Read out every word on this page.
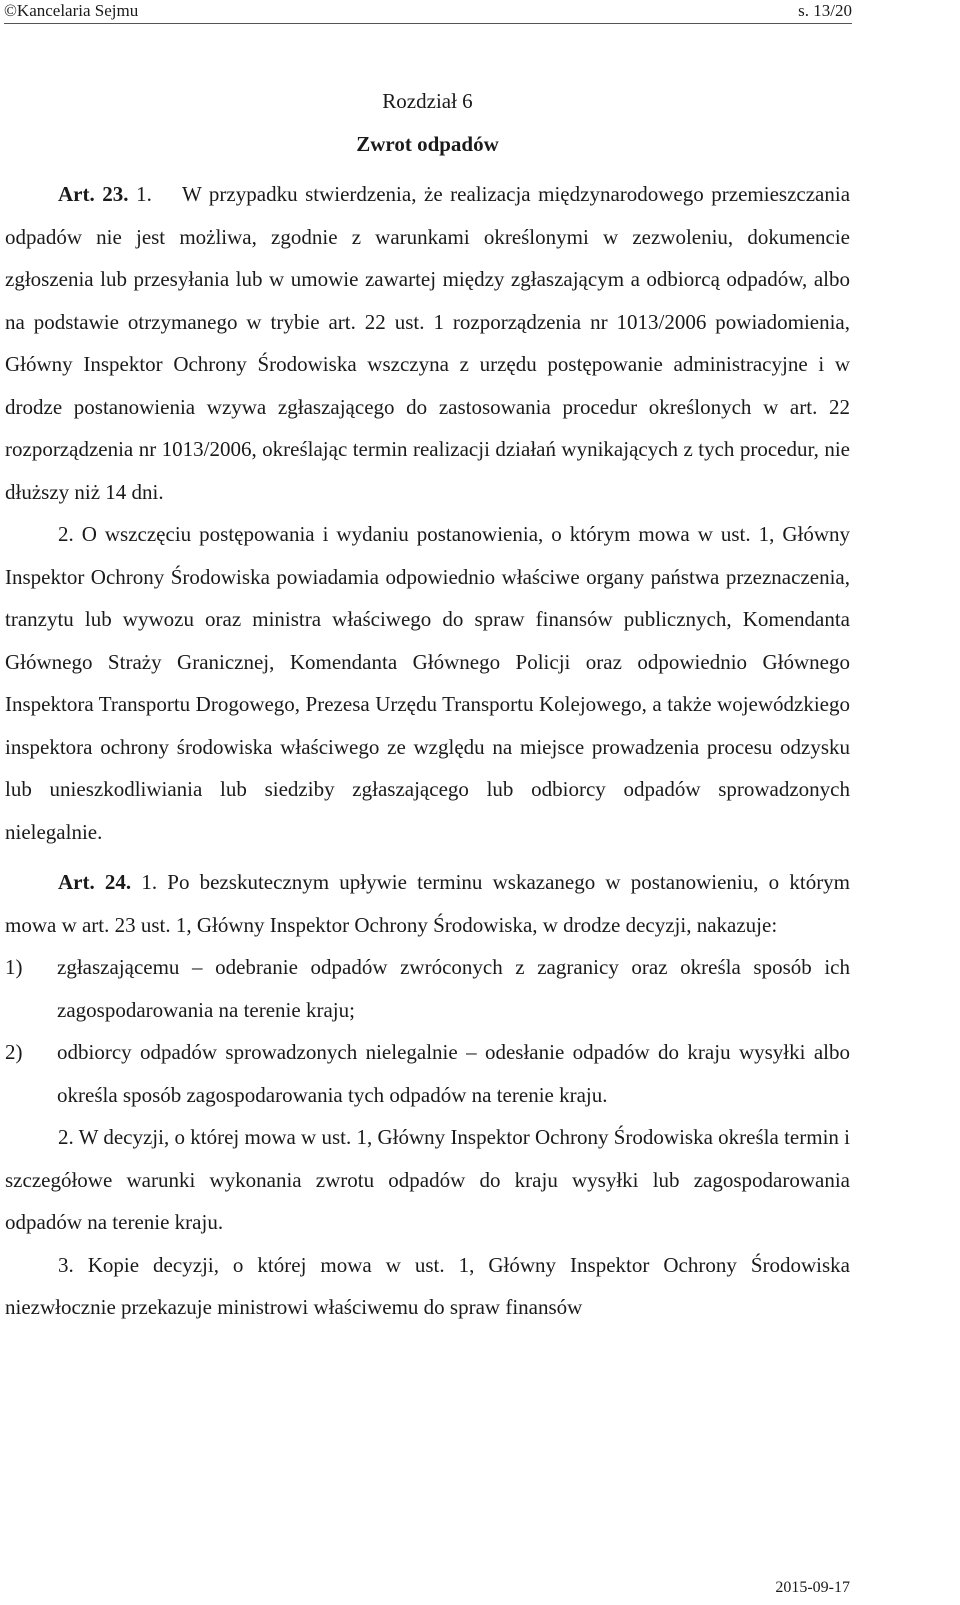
©Kancelaria Sejmu	s. 13/20

Rozdział 6

Zwrot odpadów

Art. 23. 1. W przypadku stwierdzenia, że realizacja międzynarodowego przemieszczania odpadów nie jest możliwa, zgodnie z warunkami określonymi w zezwoleniu, dokumencie zgłoszenia lub przesyłania lub w umowie zawartej między zgłaszającym a odbiorcą odpadów, albo na podstawie otrzymanego w trybie art. 22 ust. 1 rozporządzenia nr 1013/2006 powiadomienia, Główny Inspektor Ochrony Środowiska wszczyna z urzędu postępowanie administracyjne i w drodze postanowienia wzywa zgłaszającego do zastosowania procedur określonych w art. 22 rozporządzenia nr 1013/2006, określając termin realizacji działań wynikających z tych procedur, nie dłuższy niż 14 dni.

2. O wszczęciu postępowania i wydaniu postanowienia, o którym mowa w ust. 1, Główny Inspektor Ochrony Środowiska powiadamia odpowiednio właściwe organy państwa przeznaczenia, tranzytu lub wywozu oraz ministra właściwego do spraw finansów publicznych, Komendanta Głównego Straży Granicznej, Komendanta Głównego Policji oraz odpowiednio Głównego Inspektora Transportu Drogowego, Prezesa Urzędu Transportu Kolejowego, a także wojewódzkiego inspektora ochrony środowiska właściwego ze względu na miejsce prowadzenia procesu odzysku lub unieszkodliwiania lub siedziby zgłaszającego lub odbiorcy odpadów sprowadzonych nielegalnie.

Art. 24. 1. Po bezskutecznym upływie terminu wskazanego w postanowieniu, o którym mowa w art. 23 ust. 1, Główny Inspektor Ochrony Środowiska, w drodze decyzji, nakazuje:

1)	zgłaszającemu – odebranie odpadów zwróconych z zagranicy oraz określa sposób ich zagospodarowania na terenie kraju;
2)	odbiorcy odpadów sprowadzonych nielegalnie – odesłanie odpadów do kraju wysyłki albo określa sposób zagospodarowania tych odpadów na terenie kraju.

2. W decyzji, o której mowa w ust. 1, Główny Inspektor Ochrony Środowiska określa termin i szczegółowe warunki wykonania zwrotu odpadów do kraju wysyłki lub zagospodarowania odpadów na terenie kraju.

3. Kopie decyzji, o której mowa w ust. 1, Główny Inspektor Ochrony Środowiska niezwłocznie przekazuje ministrowi właściwemu do spraw finansów

2015-09-17
